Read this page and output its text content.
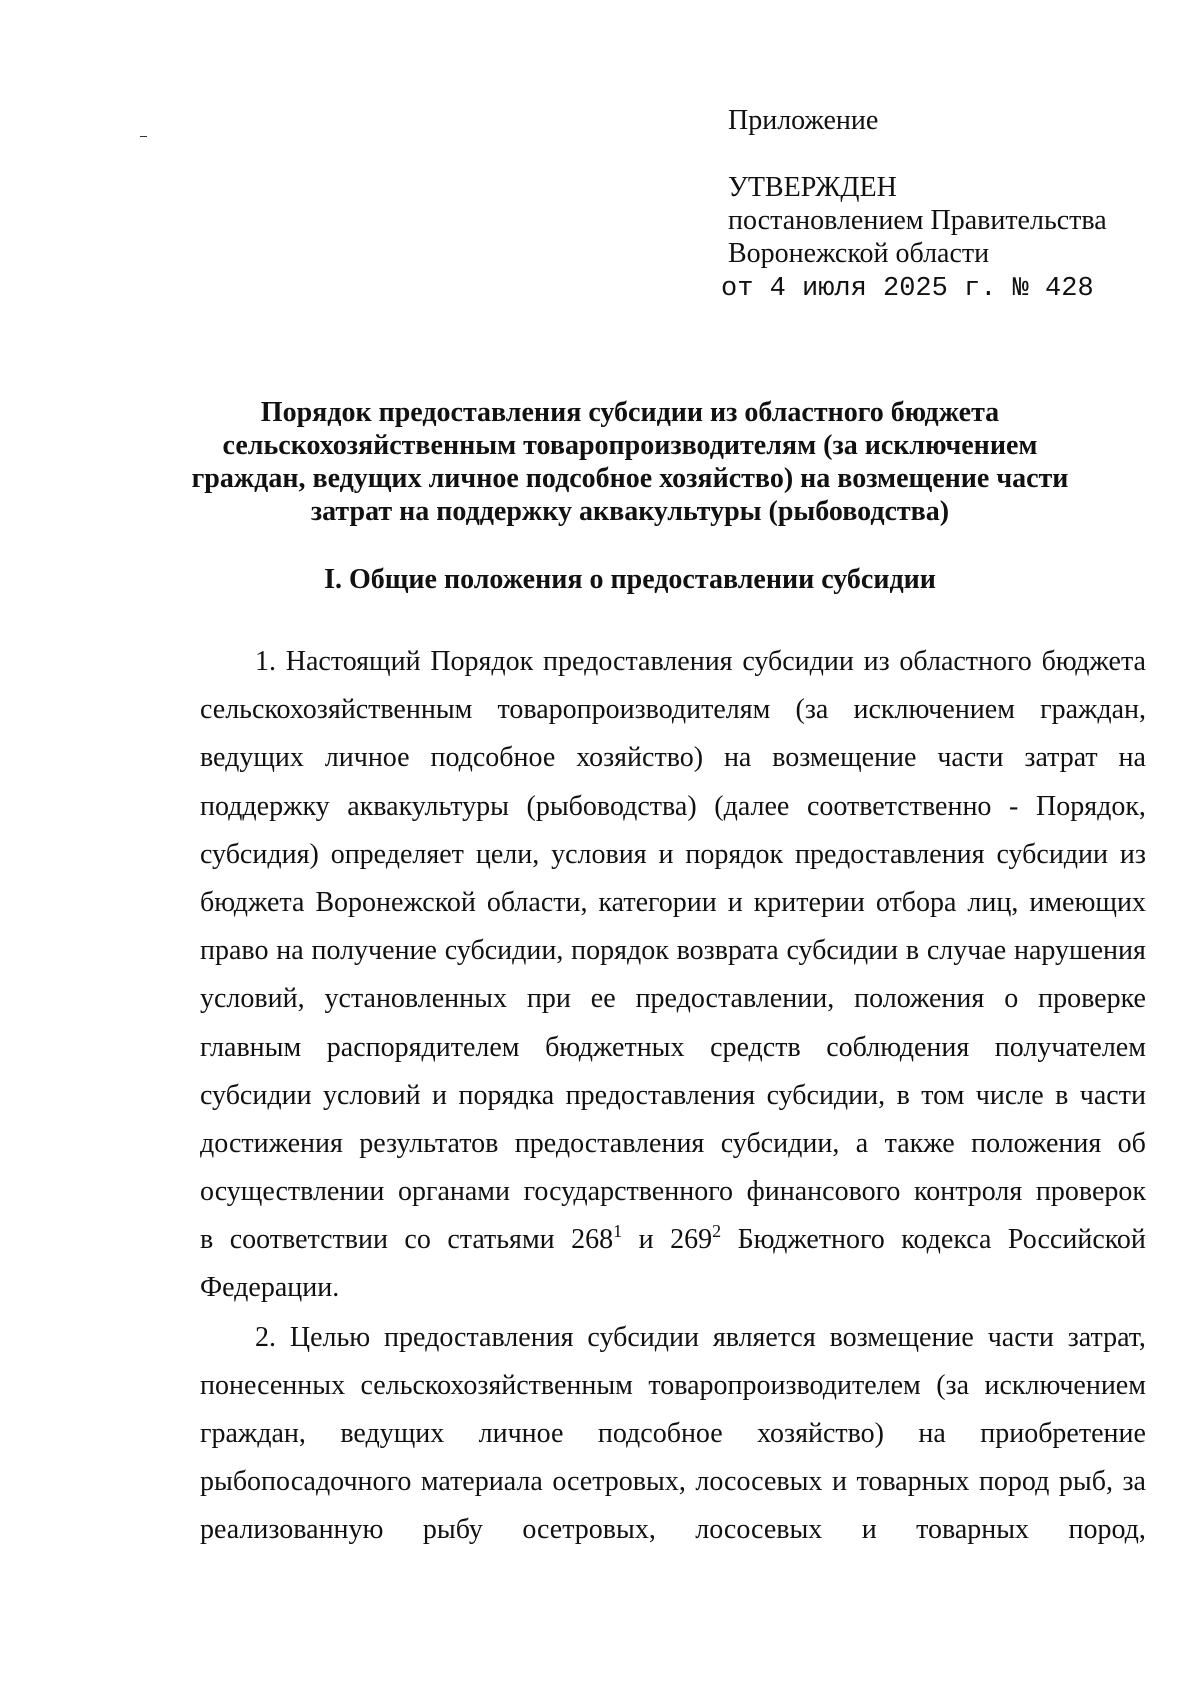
Приложение
УТВЕРЖДЕН
постановлением Правительства
Воронежской области
от 4 июля 2025 г. № 428
Порядок предоставления субсидии из областного бюджета
сельскохозяйственным товаропроизводителям (за исключением
граждан, ведущих личное подсобное хозяйство) на возмещение части
затрат на поддержку аквакультуры (рыбоводства)
I. Общие положения о предоставлении субсидии
1. Настоящий Порядок предоставления субсидии из областного бюджета
сельскохозяйственным товаропроизводителям (за исключением граждан,
ведущих личное подсобное хозяйство) на возмещение части затрат на
поддержку аквакультуры (рыбоводства) (далее соответственно - Порядок,
субсидия) определяет цели, условия и порядок предоставления субсидии из
бюджета Воронежской области, категории и критерии отбора лиц, имеющих
право на получение субсидии, порядок возврата субсидии в случае нарушения
условий, установленных при ее предоставлении, положения о проверке
главным распорядителем бюджетных средств соблюдения получателем
субсидии условий и порядка предоставления субсидии, в том числе в части
достижения результатов предоставления субсидии, а также положения об
осуществлении органами государственного финансового контроля проверок
в соответствии со статьями $268^1$ и $269^2$ Бюджетного кодекса Российской
Федерации.
2. Целью предоставления субсидии является возмещение части затрат,
понесенных сельскохозяйственным товаропроизводителем (за исключением
граждан, ведущих личное подсобное хозяйство) на приобретение
рыбопосадочного материала осетровых, лососевых и товарных пород рыб, за
реализованную рыбу осетровых, лососевых и товарных пород,
